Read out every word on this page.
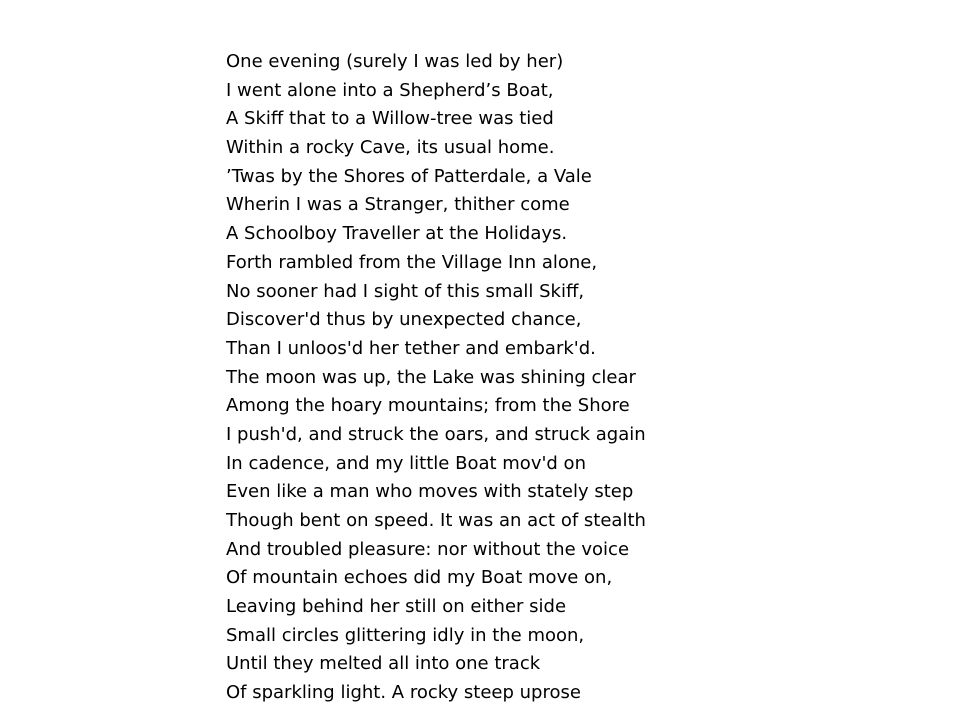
One evening (surely I was led by her)
I went alone into a Shepherd’s Boat,
A Skiff that to a Willow-tree was tied
Within a rocky Cave, its usual home.
’Twas by the Shores of Patterdale, a Vale
Wherin I was a Stranger, thither come
A Schoolboy Traveller at the Holidays.
Forth rambled from the Village Inn alone,
No sooner had I sight of this small Skiff,
Discover'd thus by unexpected chance,
Than I unloos'd her tether and embark'd.
The moon was up, the Lake was shining clear
Among the hoary mountains; from the Shore
I push'd, and struck the oars, and struck again
In cadence, and my little Boat mov'd on
Even like a man who moves with stately step
Though bent on speed. It was an act of stealth
And troubled pleasure: nor without the voice
Of mountain echoes did my Boat move on,
Leaving behind her still on either side
Small circles glittering idly in the moon,
Until they melted all into one track
Of sparkling light. A rocky steep uprose
